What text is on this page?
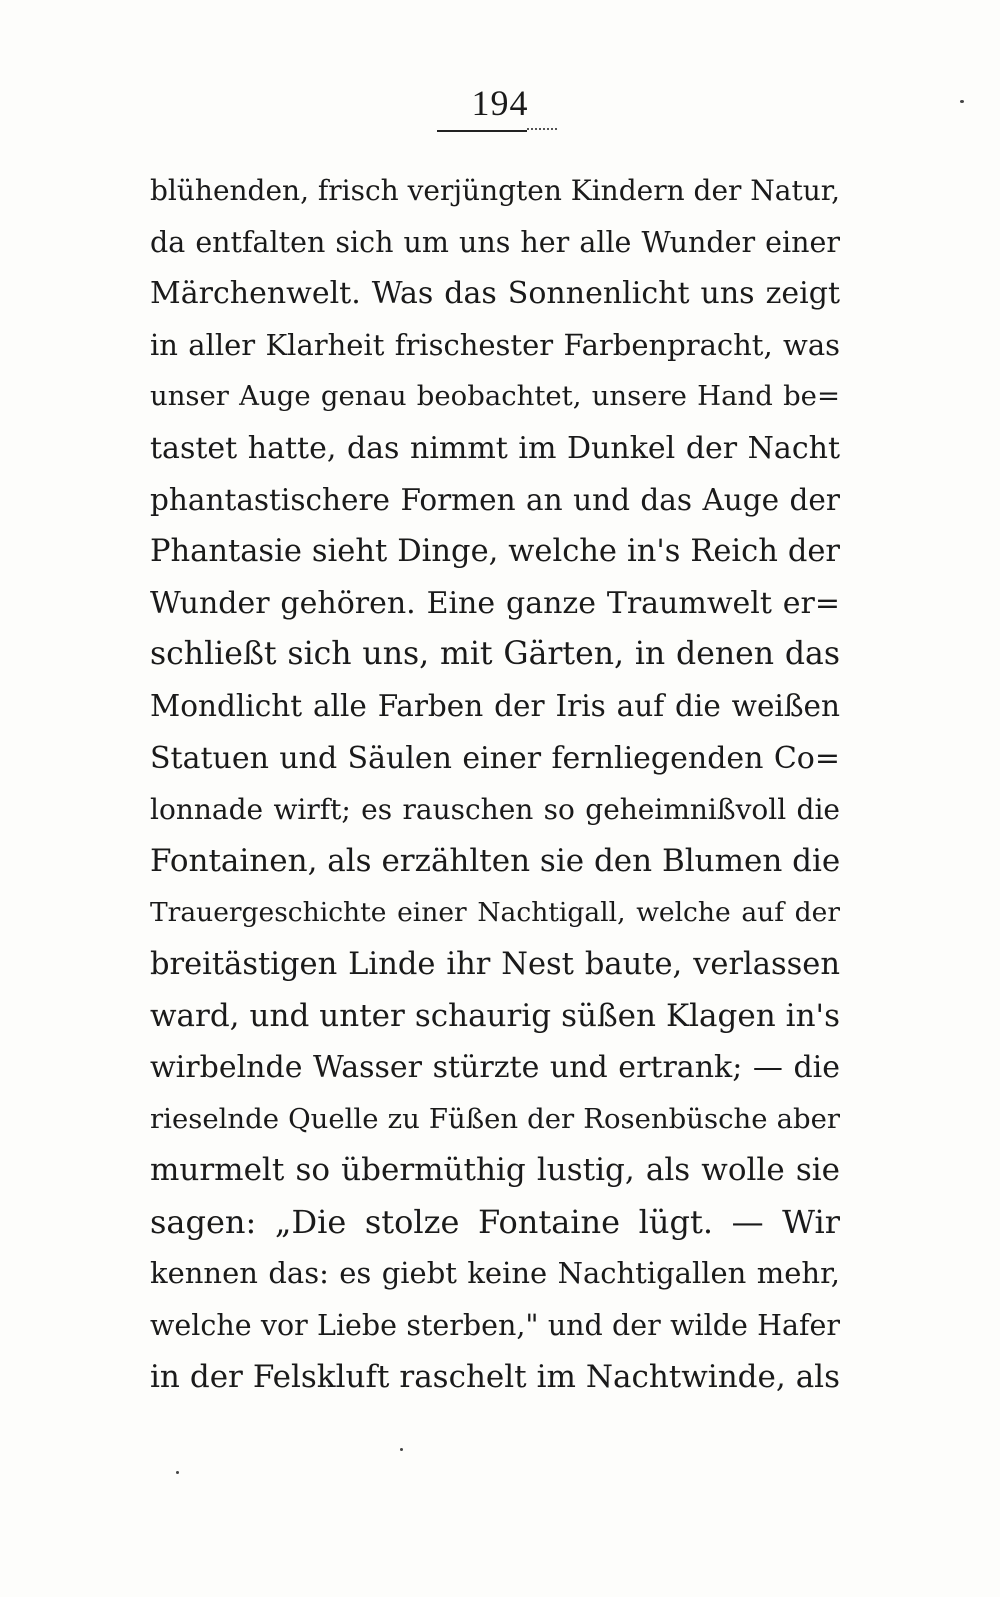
194
blühenden, frisch verjüngten Kindern der Natur,
da entfalten sich um uns her alle Wunder einer
Märchenwelt. Was das Sonnenlicht uns zeigt
in aller Klarheit frischester Farbenpracht, was
unser Auge genau beobachtet, unsere Hand be=
tastet hatte, das nimmt im Dunkel der Nacht
phantastischere Formen an und das Auge der
Phantasie sieht Dinge, welche in's Reich der
Wunder gehören. Eine ganze Traumwelt er=
schließt sich uns, mit Gärten, in denen das
Mondlicht alle Farben der Iris auf die weißen
Statuen und Säulen einer fernliegenden Co=
lonnade wirft; es rauschen so geheimnißvoll die
Fontainen, als erzählten sie den Blumen die
Trauergeschichte einer Nachtigall, welche auf der
breitästigen Linde ihr Nest baute, verlassen
ward, und unter schaurig süßen Klagen in's
wirbelnde Wasser stürzte und ertrank; — die
rieselnde Quelle zu Füßen der Rosenbüsche aber
murmelt so übermüthig lustig, als wolle sie
sagen: „Die stolze Fontaine lügt. — Wir
kennen das: es giebt keine Nachtigallen mehr,
welche vor Liebe sterben," und der wilde Hafer
in der Felskluft raschelt im Nachtwinde, als
